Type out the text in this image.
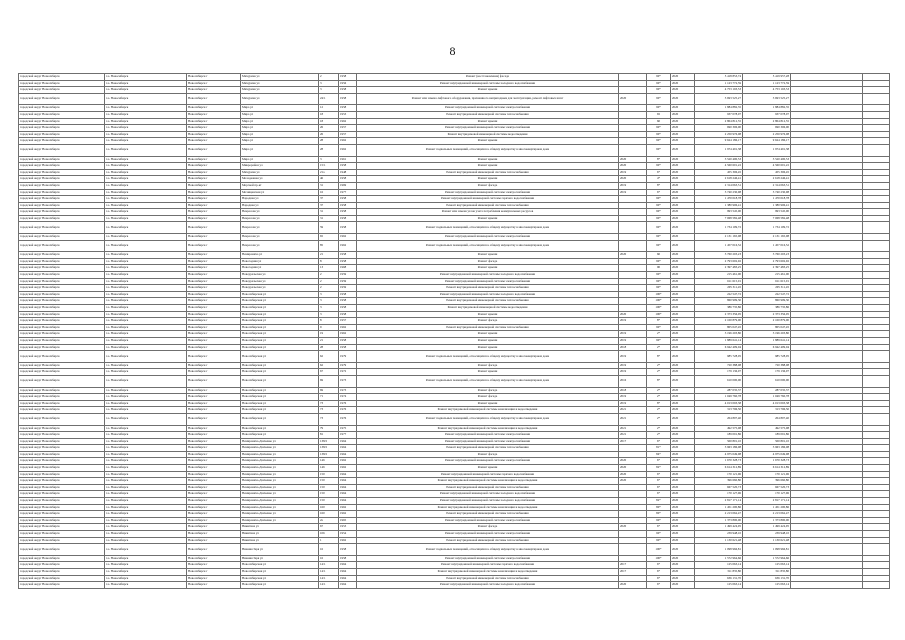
8
городской округ Новосибирск	г.о. Новосибирск	Новосибирск г	Мичурина ул	2	1958	Ремонт (восстановление) фасада		90*	2020	5 418 853,74	5 419 957,28		
городской округ Новосибирск	г.о. Новосибирск	Новосибирск г	Мичурина ул	3	1956	Ремонт внутридомовой инженерной системы холодного водоснабжения		90*	2020	1 123 772,59	1 123 772,59		
городской округ Новосибирск	г.о. Новосибирск	Новосибирск г	Мичурина ул	3	1958	Ремонт крыши		90*	2020	4 753 193,53	4 753 193,53		
городской округ Новосибирск	г.о. Новосибирск	Новосибирск г	Мичурина ул	24/1	1958	Ремонт или замена лифтового оборудования, признанного непригодным для эксплуатации, ремонт лифтовых шахт	2020	90*	2020	3 693 525,27	3 693 525,27		
городской округ Новосибирск	г.о. Новосибирск	Новосибирск г	Мира ул	12	1958	Ремонт внутридомовой инженерной системы электроснабжения		90*	2020	1 884 882,35	1 884 882,35		
городской округ Новосибирск	г.о. Новосибирск	Новосибирск г	Мира ул	18	1953	Ремонт внутридомовой инженерной системы теплоснабжения		65	2020	937 078,07	937 078,07		
городской округ Новосибирск	г.о. Новосибирск	Новосибирск г	Мира ул	18	1962	Ремонт крыши		60	2020	2 804 812,55	2 804 812,55		
городской округ Новосибирск	г.о. Новосибирск	Новосибирск г	Мира ул	26	1957	Ремонт внутридомовой инженерной системы электроснабжения		90*	2020	690 306,00	690 306,00		
городской округ Новосибирск	г.о. Новосибирск	Новосибирск г	Мира ул	26	1957	Ремонт внутридомовой инженерной системы водоотведения		90*	2020	2 250 976,08	2 250 976,08		
городской округ Новосибирск	г.о. Новосибирск	Новосибирск г	Мира ул	28	1962	Ремонт крыши		90*	2020	9 624 186,17	9 624 186,17		
городской округ Новосибирск	г.о. Новосибирск	Новосибирск г	Мира ул	28	1962	Ремонт подвальных помещений, относящихся к общему имуществу в многоквартирном доме		90*	2020	1 974 491,38	1 974 491,38		
городской округ Новосибирск	г.о. Новосибирск	Новосибирск г	Мира ул	3	1961	Ремонт крыши	2020	8*	2020	3 520 400,53	3 520 400,53		
городской округ Новосибирск	г.о. Новосибирск	Новосибирск г	Микрорайон ул	15/1	1958	Ремонт крыши	2020	90*	2020	4 560 601,22	4 560 601,22		
городской округ Новосибирск	г.о. Новосибирск	Новосибирск г	Мичурина ул	21a	1948	Ремонт внутридомовой инженерной системы теплоснабжения	2019	6*	2020	455 306,45	455 306,45		
городской округ Новосибирск	г.о. Новосибирск	Новосибирск г	Молодежная ул	46	1958	Ремонт крыши	2020	4*	2020	2 618 246,41	2 618 246,41		
городской округ Новосибирск	г.о. Новосибирск	Новосибирск г	Морской пр-кт	31	1969	Ремонт фасада	2019	8*	2020	2 314 063,51	2 314 063,51		
городской округ Новосибирск	г.о. Новосибирск	Новосибирск г	Мочищенская ул	16	1977	Ремонт внутридомовой инженерной системы электроснабжения	2019	6*	2020	3 740 230,98	3 740 230,98		
городской округ Новосибирск	г.о. Новосибирск	Новосибирск г	Народная ул	37	1958	Ремонт внутридомовой инженерной системы горячего водоснабжения		90*	2020	1 470 018,78	1 470 018,78		
городской округ Новосибирск	г.о. Новосибирск	Новосибирск г	Народная ул	37	1958	Ремонт внутридомовой инженерной системы теплоснабжения		90*	2020	1 380 906,41	1 380 906,41		
городской округ Новосибирск	г.о. Новосибирск	Новосибирск г	Некрасова ул	31	1958	Ремонт или замена узлов учета потребления коммунальных ресурсов		90*	2020	993 545,00	993 545,00		
городской округ Новосибирск	г.о. Новосибирск	Новосибирск г	Некрасова ул	31	1958	Ремонт крыши		90*	2020	7 068 582,48	7 068 582,48		
городской округ Новосибирск	г.о. Новосибирск	Новосибирск г	Некрасова ул	59	1958	Ремонт подвальных помещений, относящихся к общему имуществу в многоквартирном доме		90*	2020	1 734 109,72	1 734 109,72		
городской округ Новосибирск	г.о. Новосибирск	Новосибирск г	Некрасова ул	65	1962	Ремонт внутридомовой инженерной системы электроснабжения		90*	2020	2 131 165,08	2 131 165,08		
городской округ Новосибирск	г.о. Новосибирск	Новосибирск г	Некрасова ул	85	1962	Ремонт подвальных помещений, относящихся к общему имуществу в многоквартирном доме		90*	2020	1 457 016,52	1 457 016,52		
городской округ Новосибирск	г.о. Новосибирск	Новосибирск г	Немировича ул	21	1958	Ремонт крыши	2020	60	2020	3 760 203,23	3 760 203,23		
городской округ Новосибирск	г.о. Новосибирск	Новосибирск г	Новогодняя ул	8	1958	Ремонт фасада		90*	2020	2 793 602,92	2 793 602,92		
городской округ Новосибирск	г.о. Новосибирск	Новосибирск г	Новогодняя ул	13	1968	Ремонт крыши		90	2020	2 397 483,25	2 397 483,25		
городской округ Новосибирск	г.о. Новосибирск	Новосибирск г	Новоуральская ул	2	1959	Ремонт внутридомовой инженерной системы холодного водоснабжения		90*	2020	215 461,00	215 461,00		
городской округ Новосибирск	г.о. Новосибирск	Новосибирск г	Новоуральская ул	2	1959	Ремонт внутридомовой инженерной системы электроснабжения		90*	2020	611 615,01	611 615,01		
городской округ Новосибирск	г.о. Новосибирск	Новосибирск г	Новоуральская ул	2	1959	Ремонт внутридомовой инженерной системы теплоснабжения		90*	2020	205 311,45	205 311,45		
городской округ Новосибирск	г.о. Новосибирск	Новосибирск г	Новосибирская ул	3	1958	Ремонт внутридомовой инженерной системы холодного водоснабжения		100*	2020	222 547,72	222 547,72		
городской округ Новосибирск	г.о. Новосибирск	Новосибирск г	Новосибирская ул	3	1958	Ремонт внутридомовой инженерной системы теплоснабжения		100*	2020	860 999,30	860 999,30		
городской округ Новосибирск	г.о. Новосибирск	Новосибирск г	Новосибирская ул	3	1958	Ремонт внутридомовой инженерной системы водоотведения		100*	2020	386 735,86	386 735,86		
городской округ Новосибирск	г.о. Новосибирск	Новосибирск г	Новосибирская ул	3	1958	Ремонт крыши	2020	100*	2020	2 373 356,05	2 373 356,05		
городской округ Новосибирск	г.о. Новосибирск	Новосибирск г	Новосибирская ул	8	1957	Ремонт фасада	2019	8*	2020	2 100 879,00	2 100 879,00		
городской округ Новосибирск	г.о. Новосибирск	Новосибирск г	Новосибирская ул	9	1962	Ремонт внутридомовой инженерной системы теплоснабжения		90*	2020	805 047,45	805 047,45		
городской округ Новосибирск	г.о. Новосибирск	Новосибирск г	Новосибирская ул	19	1962	Ремонт крыши	2019	2*	2020	3 196 203,80	3 196 203,80		
городской округ Новосибирск	г.о. Новосибирск	Новосибирск г	Новосибирская ул	21	1958	Ремонт крыши	2019	90*	2020	1 889 641,14	1 889 641,14		
городской округ Новосибирск	г.о. Новосибирск	Новосибирск г	Новосибирская ул	28	1958	Ремонт крыши	2018	2*	2020	6 942 409,04	6 942 409,04		
городской округ Новосибирск	г.о. Новосибирск	Новосибирск г	Новосибирская ул	62	1979	Ремонт подвальных помещений, относящихся к общему имуществу в многоквартирном доме	2019	8*	2020	985 728,05	985 728,05		
городской округ Новосибирск	г.о. Новосибирск	Новосибирск г	Новосибирская ул	62	1979	Ремонт фасада	2019	2*	2020	720 388,08	720 388,08		
городской округ Новосибирск	г.о. Новосибирск	Новосибирск г	Новосибирская ул	67	1972	Ремонт крыши	2019	2*	2020	179 136,07	179 136,07		
городской округ Новосибирск	г.о. Новосибирск	Новосибирск г	Новосибирская ул	69	1973	Ремонт подвальных помещений, относящихся к общему имуществу в многоквартирном доме	2016	8*	2020	610 000,00	610 000,00		
городской округ Новосибирск	г.о. Новосибирск	Новосибирск г	Новосибирская ул	69	1973	Ремонт фасада	2018	2*	2020	287 035,37	287 035,37		
городской округ Новосибирск	г.о. Новосибирск	Новосибирск г	Новосибирская ул	71	1974	Ремонт фасада	2019	2*	2020	1 049 760,78	1 049 760,78		
городской округ Новосибирск	г.о. Новосибирск	Новосибирск г	Новосибирская ул	73	1976	Ремонт крыши	2019	8*	2020	4 013 093,38	4 013 093,38		
городской округ Новосибирск	г.о. Новосибирск	Новосибирск г	Новосибирская ул	73	1976	Ремонт внутридомовой инженерной системы канализации и водоотведения	2021	2*	2020	313 796,50	313 796,50		
городской округ Новосибирск	г.о. Новосибирск	Новосибирск г	Новосибирская ул	73	1976	Ремонт подвальных помещений, относящихся к общему имуществу в многоквартирном доме	2021	2*	2020	204 897,40	204 897,40		
городской округ Новосибирск	г.о. Новосибирск	Новосибирск г	Новосибирская ул	79	1975	Ремонт внутридомовой инженерной системы канализации и водоотведения	2021	2*	2020	492 575,08	492 575,08		
городской округ Новосибирск	г.о. Новосибирск	Новосибирск г	Новосибирская ул	81	1977	Ремонт внутридомовой инженерной системы электроснабжения	2021	2*	2020	189 091,86	189 091,86		
городской округ Новосибирск	г.о. Новосибирск	Новосибирск г	Немировича-Данченко ул	138/2	1964	Ремонт внутридомовой инженерной системы электроснабжения	2017	6*	2020	500 801,10	500 801,10		
городской округ Новосибирск	г.о. Новосибирск	Новосибирск г	Немировича-Данченко ул	138/2	1964	Ремонт внутридомовой инженерной системы теплоснабжения		81*	2020	3 963 186,08	3 963 186,08		
городской округ Новосибирск	г.о. Новосибирск	Новосибирск г	Немировича-Данченко ул	138/2	1964	Ремонт фасада		84*	2020	4 975 049,98	4 975 049,98		
городской округ Новосибирск	г.о. Новосибирск	Новосибирск г	Немировича-Данченко ул	146	1962	Ремонт внутридомовой инженерной системы электроснабжения	2020	6*	2020	1 670 328,73	1 670 328,73		
городской округ Новосибирск	г.о. Новосибирск	Новосибирск г	Немировича-Данченко ул	146	1962	Ремонт крыши	2020	82*	2020	6 614 312,89	6 614 312,89		
городской округ Новосибирск	г.о. Новосибирск	Новосибирск г	Немировича-Данченко ул	150	1964	Ремонт внутридомовой инженерной системы горячего водоснабжения	2020	6*	2020	170 121,96	170 121,96		
городской округ Новосибирск	г.о. Новосибирск	Новосибирск г	Немировича-Данченко ул	150	1964	Ремонт внутридомовой инженерной системы канализации и водоотведения	2020	6*	2020	396 660,80	396 660,80		
городской округ Новосибирск	г.о. Новосибирск	Новосибирск г	Немировича-Данченко ул	150	1964	Ремонт внутридомовой инженерной системы теплоснабжения		6*	2020	667 520,73	667 520,73		
городской округ Новосибирск	г.о. Новосибирск	Новосибирск г	Немировича-Данченко ул	150	1964	Ремонт внутридомовой инженерной системы холодного водоснабжения		6*	2020	170 127,96	170 127,96		
городской округ Новосибирск	г.о. Новосибирск	Новосибирск г	Немировича-Данченко ул	150	1964	Ремонт внутридомовой инженерной системы холодного водоснабжения		82*	2020	2 817 171,14	2 817 171,14		
городской округ Новосибирск	г.о. Новосибирск	Новосибирск г	Немировича-Данченко ул	160	1962	Ремонт внутридомовой инженерной системы канализации и водоотведения		80*	2020	1 451 200,86	1 451 200,86		
городской округ Новосибирск	г.о. Новосибирск	Новосибирск г	Немировича-Данченко ул	160	1962	Ремонт внутридомовой инженерной системы теплоснабжения		80*	2020	2 213 062,47	2 213 062,47		
городской округ Новосибирск	г.о. Новосибирск	Новосибирск г	Немировича-Данченко ул	2a	1965	Ремонт внутридомовой инженерной системы электроснабжения		90*	2020	1 373 800,00	1 373 800,00		
городской округ Новосибирск	г.о. Новосибирск	Новосибирск г	Никитина ул	67	1953	Ремонт фасада	2020	6*	2020	1 499 424,95	1 499 424,95		
городской округ Новосибирск	г.о. Новосибирск	Новосибирск г	Никитина ул	106	1954	Ремонт внутридомовой инженерной системы электроснабжения		90*	2020	239 948,10	239 948,10		
городской округ Новосибирск	г.о. Новосибирск	Новосибирск г	Никитина ул	1	1962	Ремонт внутридомовой инженерной системы теплоснабжения		90*	2020	1 130 621,48	1 130 621,48		
городской округ Новосибирск	г.о. Новосибирск	Новосибирск г	Нижняя Заря ул	16	1958	Ремонт подвальных помещений, относящихся к общему имуществу в многоквартирном доме		100*	2020	1 098 966,81	1 098 966,81		
городской округ Новосибирск	г.о. Новосибирск	Новосибирск г	Нижняя Заря ул	16	1958	Ремонт внутридомовой инженерной системы электроснабжения		100*	2020	1 572 964,66	1 572 964,66		
городской округ Новосибирск	г.о. Новосибирск	Новосибирск г	Новосибирская ул	14/1	1964	Ремонт внутридомовой инженерной системы горячего водоснабжения	2017	6*	2020	125 063,14	125 063,14		
городской округ Новосибирск	г.о. Новосибирск	Новосибирск г	Новосибирская ул	14/1	1964	Ремонт внутридомовой инженерной системы канализации и водоотведения	2017	6*	2020	311 835,80	311 835,80		
городской округ Новосибирск	г.о. Новосибирск	Новосибирск г	Новосибирская ул	14/1	1964	Ремонт внутридомовой инженерной системы теплоснабжения		6*	2020	636 131,70	636 131,70		
городской округ Новосибирск	г.о. Новосибирск	Новосибирск г	Новосибирская ул	14/1	1964	Ремонт внутридомовой инженерной системы холодного водоснабжения	2020	6*	2020	125 063,14	125 063,14		
